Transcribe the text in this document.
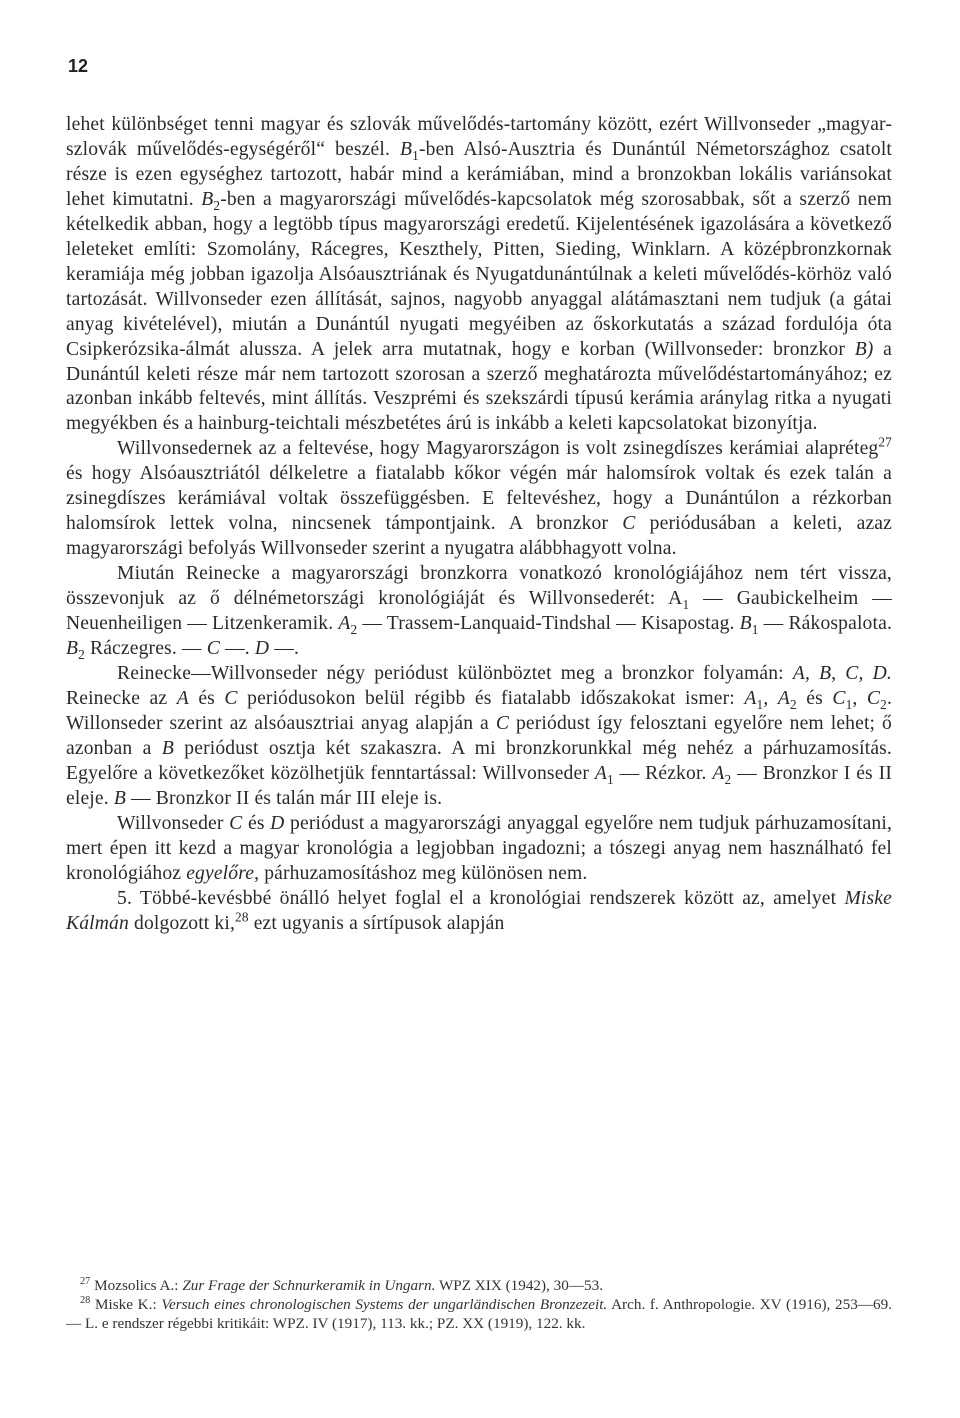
12

lehet különbséget tenni magyar és szlovák művelődés-tartomány között, ezért Willvonseder „magyar-szlovák művelődés-egységéről“ beszél. $B_1$-ben Alsó-Ausztria és Dunántúl Németországhoz csatolt része is ezen egységhez tartozott, habár mind a kerámiában, mind a bronzokban lokális variánsokat lehet kimutatni. $B_2$-ben a magyarországi művelődés-kapcsolatok még szorosabbak, sőt a szerző nem kételkedik abban, hogy a legtöbb típus magyarországi eredetű. Kijelentésének igazolására a következő leleteket említi: Szomolány, Rácegres, Keszthely, Pitten, Sieding, Winklarn. A középbronzkornak keramiája még jobban igazolja Alsóausztriának és Nyugatdunántúlnak a keleti művelődés-körhöz való tartozását. Willvonseder ezen állítását, sajnos, nagyobb anyaggal alátámasztani nem tudjuk (a gátai anyag kivételével), miután a Dunántúl nyugati megyéiben az őskorkutatás a század fordulója óta Csipkerózsika-álmát alussza. A jelek arra mutatnak, hogy e korban (Willvonseder: bronzkor B) a Dunántúl keleti része már nem tartozott szorosan a szerző meghatározta művelődéstartományához; ez azonban inkább feltevés, mint állítás. Veszprémi és szekszárdi típusú kerámia aránylag ritka a nyugati megyékben és a hainburg-teichtali mészbetétes árú is inkább a keleti kapcsolatokat bizonyítja.

Willvonsedernek az a feltevése, hogy Magyarországon is volt zsinegdíszes kerámiai alapréteg$^{27}$ és hogy Alsóausztriától délkeletre a fiatalabb kőkor végén már halomsírok voltak és ezek talán a zsinegdíszes kerámiával voltak összefüggésben. E feltevéshez, hogy a Dunántúlon a rézkorban halomsírok lettek volna, nincsenek támpontjaink. A bronzkor C periódusában a keleti, azaz magyarországi befolyás Willvonseder szerint a nyugatra alábbhagyott volna.

Miután Reinecke a magyarországi bronzkorra vonatkozó kronológiájához nem tért vissza, összevonjuk az ő délnémetországi kronológiáját és Willvonsederét: $A_1$ — Gaubickelheim — Neuenheiligen — Litzenkeramik. $A_2$ — Trassem-Lanquaid-Tindshal — Kisapostag. $B_1$ — Rákospalota. $B_2$ Ráczegres. — C —. D —.

Reinecke—Willvonseder négy periódust különböztet meg a bronzkor folyamán: A, B, C, D. Reinecke az A és C periódusokon belül régibb és fiatalabb időszakokat ismer: $A_1$, $A_2$ és $C_1$, $C_2$. Willonseder szerint az alsóausztriai anyag alapján a C periódust így felosztani egyelőre nem lehet; ő azonban a B periódust osztja két szakaszra. A mi bronzkorunkkal még nehéz a párhuzamosítás. Egyelőre a következőket közölhetjük fenntartással: Willvonseder $A_1$ — Rézkor. $A_2$ — Bronzkor I és II eleje. B — Bronzkor II és talán már III eleje is.

Willvonseder C és D periódust a magyarországi anyaggal egyelőre nem tudjuk párhuzamosítani, mert épen itt kezd a magyar kronológia a legjobban ingadozni; a tószegi anyag nem használható fel kronológiához egyelőre, párhuzamosításhoz meg különösen nem.

5. Többé-kevésbbé önálló helyet foglal el a kronológiai rendszerek között az, amelyet Miske Kálmán dolgozott ki,$^{28}$ ezt ugyanis a sírtípusok alapján

$^{27}$ Mozsolics A.: Zur Frage der Schnurkeramik in Ungarn. WPZ XIX (1942), 30—53.

$^{28}$ Miske K.: Versuch eines chronologischen Systems der ungarländischen Bronzezeit. Arch. f. Anthropologie. XV (1916), 253—69. — L. e rendszer régebbi kritikáit: WPZ. IV (1917), 113. kk.; PZ. XX (1919), 122. kk.
